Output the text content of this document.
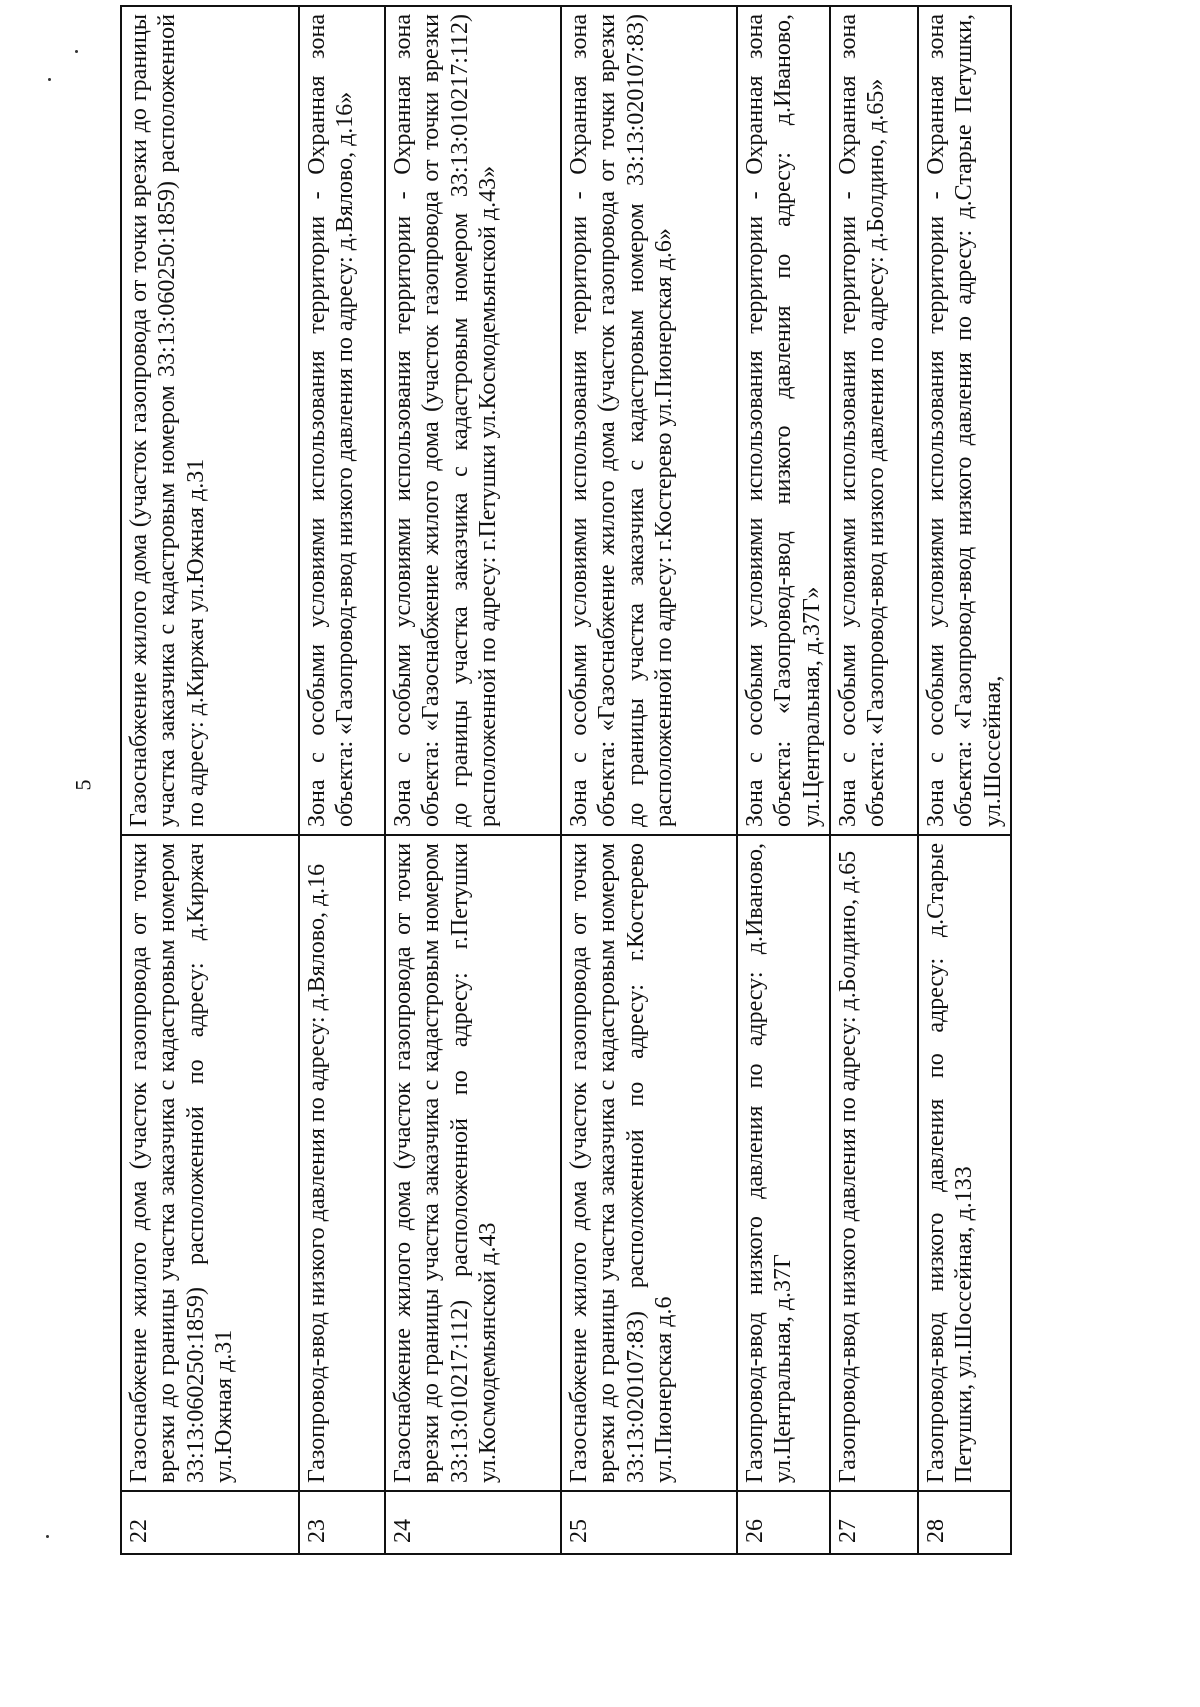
5
22	Газоснабжение жилого дома (участок газопровода от точки врезки до границы участка заказчика с кадастровым номером 33:13:060250:1859) расположенной по адресу: д.Киржач ул.Южная д.31	Газоснабжение жилого дома (участок газопровода от точки врезки до границы участка заказчика с кадастровым номером 33:13:060250:1859) расположенной по адресу: д.Киржач ул.Южная д.31
23	Газопровод-ввод низкого давления по адресу: д.Вялово, д.16	Зона с особыми условиями использования территории - Охранная зона объекта: «Газопровод-ввод низкого давления по адресу: д.Вялово, д.16»
24	Газоснабжение жилого дома (участок газопровода от точки врезки до границы участка заказчика с кадастровым номером 33:13:010217:112) расположенной по адресу: г.Петушки ул.Космодемьянской д.43	Зона с особыми условиями использования территории - Охранная зона объекта: «Газоснабжение жилого дома (участок газопровода от точки врезки до границы участка заказчика с кадастровым номером 33:13:010217:112) расположенной по адресу: г.Петушки ул.Космодемьянской д.43»
25	Газоснабжение жилого дома (участок газопровода от точки врезки до границы участка заказчика с кадастровым номером 33:13:020107:83) расположенной по адресу: г.Костерево ул.Пионерская д.6	Зона с особыми условиями использования территории - Охранная зона объекта: «Газоснабжение жилого дома (участок газопровода от точки врезки до границы участка заказчика с кадастровым номером 33:13:020107:83) расположенной по адресу: г.Костерево ул.Пионерская д.6»
26	Газопровод-ввод низкого давления по адресу: д.Иваново, ул.Центральная, д.37Г	Зона с особыми условиями использования территории - Охранная зона объекта: «Газопровод-ввод низкого давления по адресу: д.Иваново, ул.Центральная, д.37Г»
27	Газопровод-ввод низкого давления по адресу: д.Болдино, д.65	Зона с особыми условиями использования территории - Охранная зона объекта: «Газопровод-ввод низкого давления по адресу: д.Болдино, д.65»
28	Газопровод-ввод низкого давления по адресу: д.Старые Петушки, ул.Шоссейная, д.133	Зона с особыми условиями использования территории - Охранная зона объекта: «Газопровод-ввод низкого давления по адресу: д.Старые Петушки, ул.Шоссейная,
